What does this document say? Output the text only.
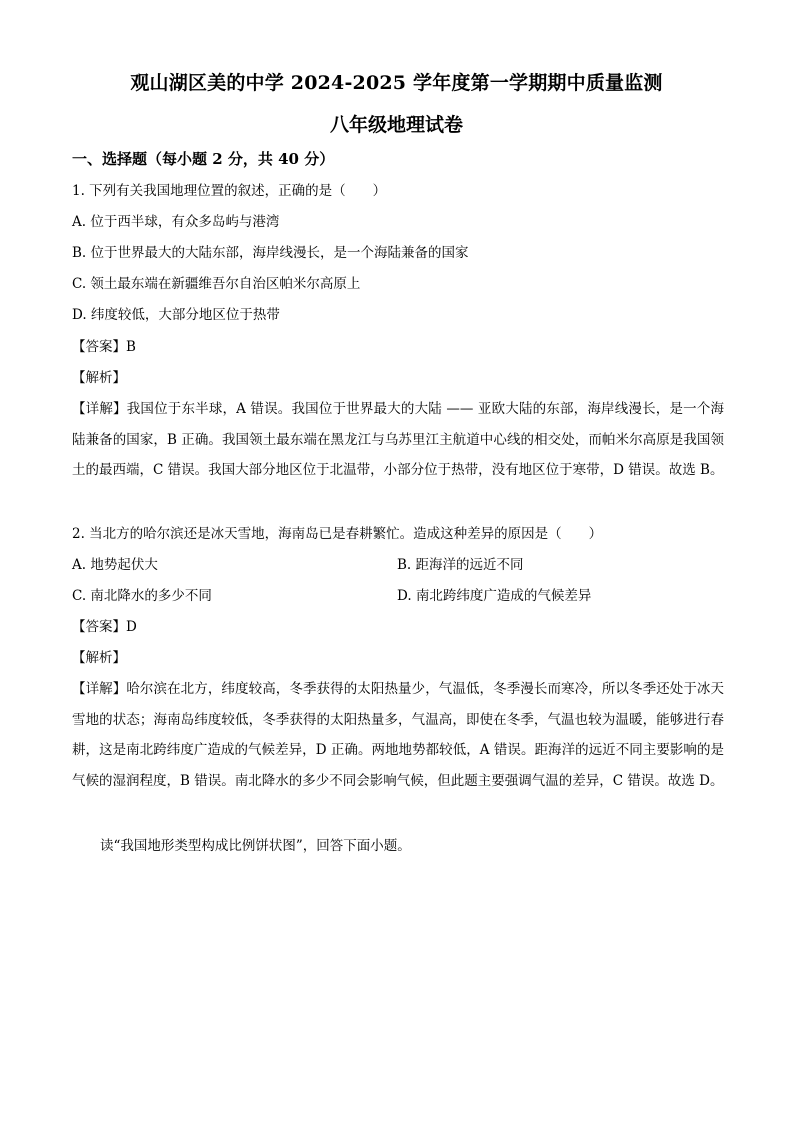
观山湖区美的中学 2024-2025 学年度第一学期期中质量监测
八年级地理试卷
一、选择题（每小题 2 分，共 40 分）
1. 下列有关我国地理位置的叙述，正确的是（　　）
A. 位于西半球，有众多岛屿与港湾
B. 位于世界最大的大陆东部，海岸线漫长，是一个海陆兼备的国家
C. 领土最东端在新疆维吾尔自治区帕米尔高原上
D. 纬度较低，大部分地区位于热带
【答案】B
【解析】
【详解】我国位于东半球，A 错误。我国位于世界最大的大陆 —— 亚欧大陆的东部，海岸线漫长，是一个海陆兼备的国家，B 正确。我国领土最东端在黑龙江与乌苏里江主航道中心线的相交处，而帕米尔高原是我国领土的最西端，C 错误。我国大部分地区位于北温带，小部分位于热带，没有地区位于寒带，D 错误。故选 B。
2. 当北方的哈尔滨还是冰天雪地，海南岛已是春耕繁忙。造成这种差异的原因是（　　）
A. 地势起伏大	B. 距海洋的远近不同
C. 南北降水的多少不同	D. 南北跨纬度广造成的气候差异
【答案】D
【解析】
【详解】哈尔滨在北方，纬度较高，冬季获得的太阳热量少，气温低，冬季漫长而寒冷，所以冬季还处于冰天雪地的状态；海南岛纬度较低，冬季获得的太阳热量多，气温高，即使在冬季，气温也较为温暖，能够进行春耕，这是南北跨纬度广造成的气候差异，D 正确。两地地势都较低，A 错误。距海洋的远近不同主要影响的是气候的湿润程度，B 错误。南北降水的多少不同会影响气候，但此题主要强调气温的差异，C 错误。故选 D。
读“我国地形类型构成比例饼状图”，回答下面小题。
